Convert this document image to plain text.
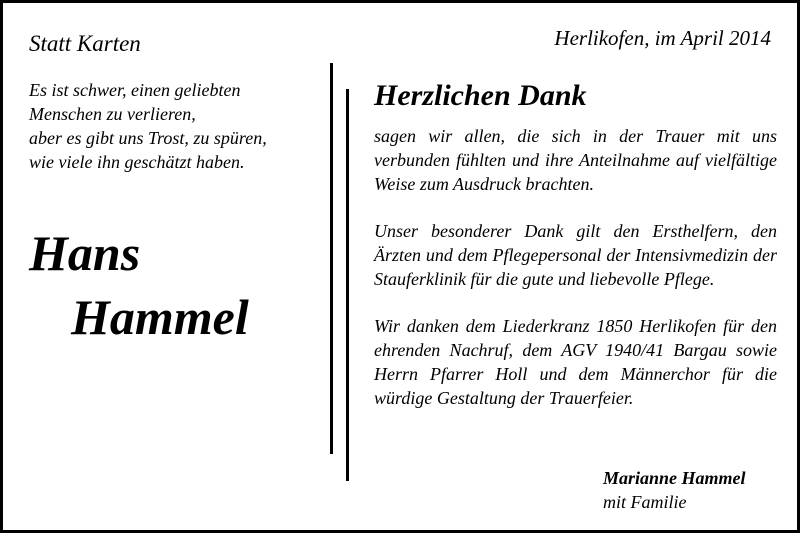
Statt Karten	Herlikofen, im April 2014
Es ist schwer, einen geliebten
Menschen zu verlieren,
aber es gibt uns Trost, zu spüren,
wie viele ihn geschätzt haben.
Hans
Hammel
Herzlichen Dank

sagen wir allen, die sich in der Trauer mit uns verbunden fühlten und ihre Anteilnahme auf vielfältige Weise zum Ausdruck brachten.

Unser besonderer Dank gilt den Ersthelfern, den Ärzten und dem Pflegepersonal der Intensivmedizin der Stauferklinik für die gute und liebevolle Pflege.

Wir danken dem Liederkranz 1850 Herlikofen für den ehrenden Nachruf, dem AGV 1940/41 Bargau sowie Herrn Pfarrer Holl und dem Männerchor für die würdige Gestaltung der Trauerfeier.

Marianne Hammel
mit Familie
